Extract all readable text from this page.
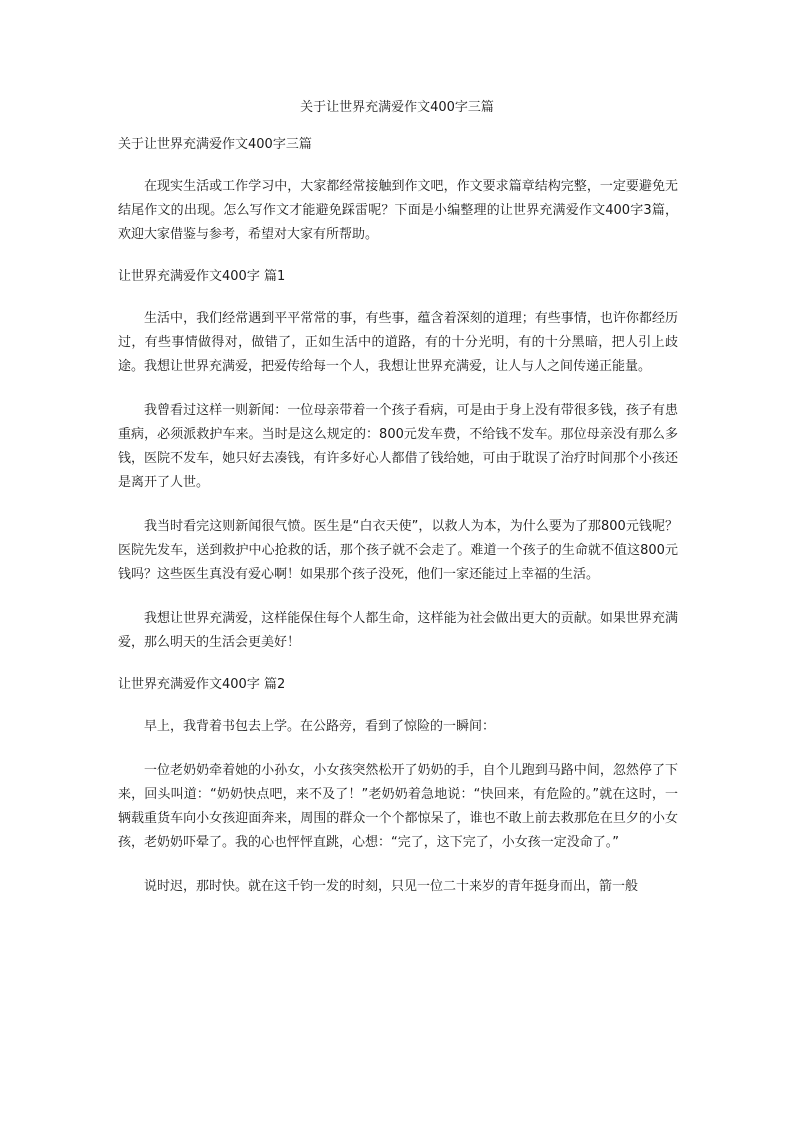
关于让世界充满爱作文400字三篇
关于让世界充满爱作文400字三篇

在现实生活或工作学习中，大家都经常接触到作文吧，作文要求篇章结构完整，一定要避免无结尾作文的出现。怎么写作文才能避免踩雷呢？下面是小编整理的让世界充满爱作文400字3篇，欢迎大家借鉴与参考，希望对大家有所帮助。

让世界充满爱作文400字 篇1

生活中，我们经常遇到平平常常的事，有些事，蕴含着深刻的道理；有些事情，也许你都经历过，有些事情做得对，做错了，正如生活中的道路，有的十分光明，有的十分黑暗，把人引上歧途。我想让世界充满爱，把爱传给每一个人，我想让世界充满爱，让人与人之间传递正能量。

我曾看过这样一则新闻：一位母亲带着一个孩子看病，可是由于身上没有带很多钱，孩子有患重病，必须派救护车来。当时是这么规定的：800元发车费，不给钱不发车。那位母亲没有那么多钱，医院不发车，她只好去凑钱，有许多好心人都借了钱给她，可由于耽误了治疗时间那个小孩还是离开了人世。

我当时看完这则新闻很气愤。医生是“白衣天使”，以救人为本，为什么要为了那800元钱呢？医院先发车，送到救护中心抢救的话，那个孩子就不会走了。难道一个孩子的生命就不值这800元钱吗？这些医生真没有爱心啊！如果那个孩子没死，他们一家还能过上幸福的生活。

我想让世界充满爱，这样能保住每个人都生命，这样能为社会做出更大的贡献。如果世界充满爱，那么明天的生活会更美好！

让世界充满爱作文400字 篇2

早上，我背着书包去上学。在公路旁，看到了惊险的一瞬间：

一位老奶奶牵着她的小孙女，小女孩突然松开了奶奶的手，自个儿跑到马路中间，忽然停了下来，回头叫道：“奶奶快点吧，来不及了！”老奶奶着急地说：“快回来，有危险的。”就在这时，一辆载重货车向小女孩迎面奔来，周围的群众一个个都惊呆了，谁也不敢上前去救那危在旦夕的小女孩，老奶奶吓晕了。我的心也怦怦直跳，心想：“完了，这下完了，小女孩一定没命了。”

说时迟，那时快。就在这千钧一发的时刻，只见一位二十来岁的青年挺身而出，箭一般
